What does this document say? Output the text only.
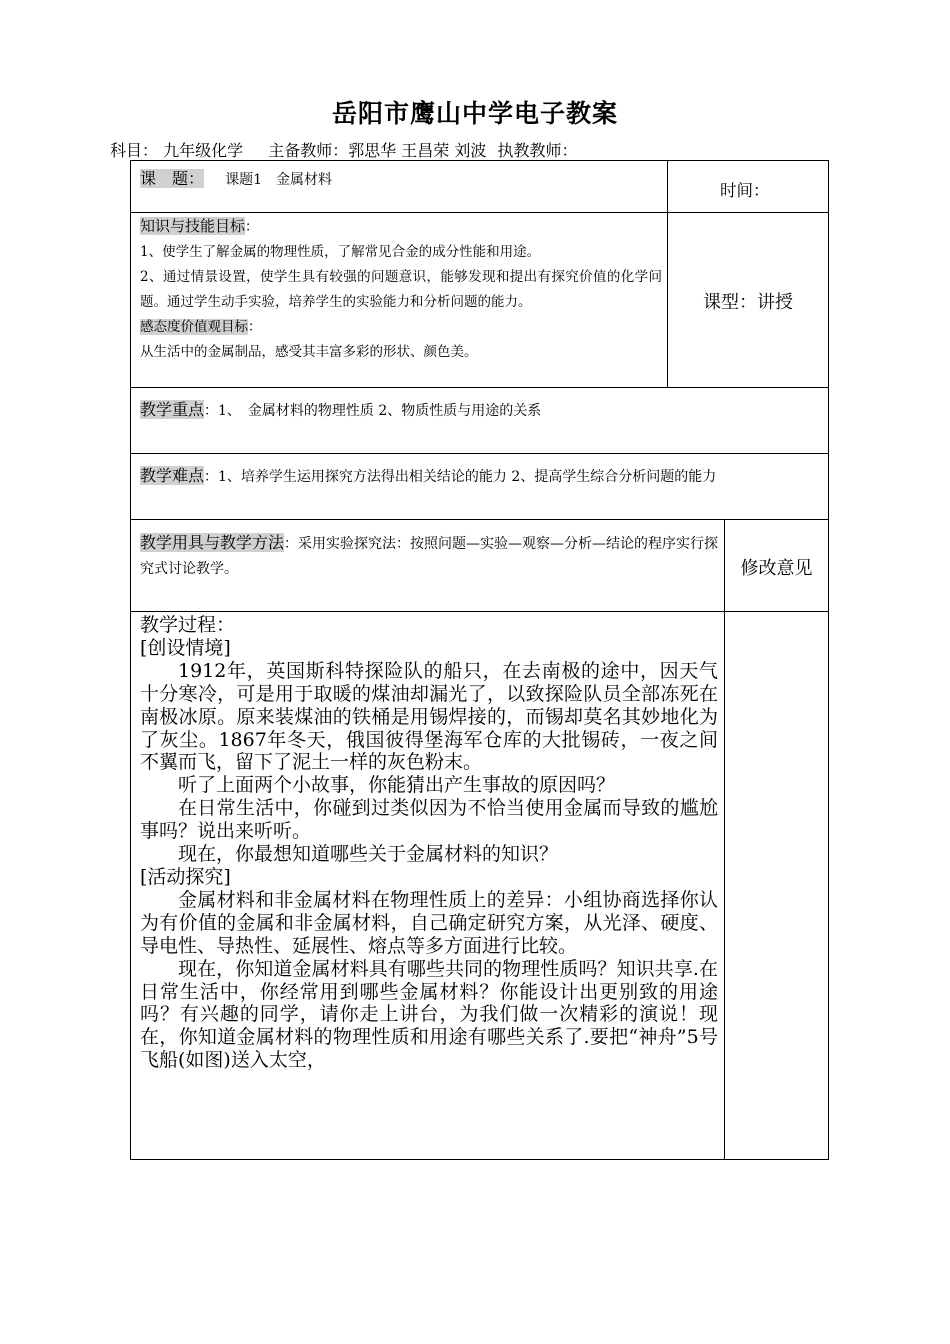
岳阳市鹰山中学电子教案
科目： 九年级化学 主备教师：郛思华 王昌荣 刘波 执教教师：
课　题： 课题1　金属材料
时间：
知识与技能目标：
1、使学生了解金属的物理性质，了解常见合金的成分性能和用途。
2、通过情景设置，使学生具有较强的问题意识，能够发现和提出有探究价值的化学问题。通过学生动手实验，培养学生的实验能力和分析问题的能力。
感态度价值观目标：
从生活中的金属制品，感受其丰富多彩的形状、颜色美。
课型：讲授
教学重点：1、　金属材料的物理性质 2、物质性质与用途的关系
教学难点：1、培养学生运用探究方法得出相关结论的能力 2、提高学生综合分析问题的能力
教学用具与教学方法：采用实验探究法：按照问题—实验—观察—分析—结论的程序实行探究式讨论教学。	修改意见

教学过程：

[创设情境]

1912年，英国斯科特探险队的船只，在去南极的途中，因天气十分寒冷，可是用于取暖的煤油却漏光了，以致探险队员全部冻死在南极冰原。原来装煤油的铁桶是用锡焊接的，而锡却莫名其妙地化为了灰尘。1867年冬天，俄国彼得堡海军仓库的大批锡砖，一夜之间不翼而飞，留下了泥土一样的灰色粉末。

听了上面两个小故事，你能猜出产生事故的原因吗？

在日常生活中，你碰到过类似因为不恰当使用金属而导致的尴尬事吗？说出来听听。

现在，你最想知道哪些关于金属材料的知识？

[活动探究]

金属材料和非金属材料在物理性质上的差异：小组协商选择你认为有价值的金属和非金属材料，自己确定研究方案，从光泽、硬度、导电性、导热性、延展性、熔点等多方面进行比较。

现在，你知道金属材料具有哪些共同的物理性质吗？知识共享.在日常生活中，你经常用到哪些金属材料？你能设计出更别致的用途吗？有兴趣的同学，请你走上讲台，为我们做一次精彩的演说！现在，你知道金属材料的物理性质和用途有哪些关系了.要把“神舟”5号飞船(如图)送入太空，
